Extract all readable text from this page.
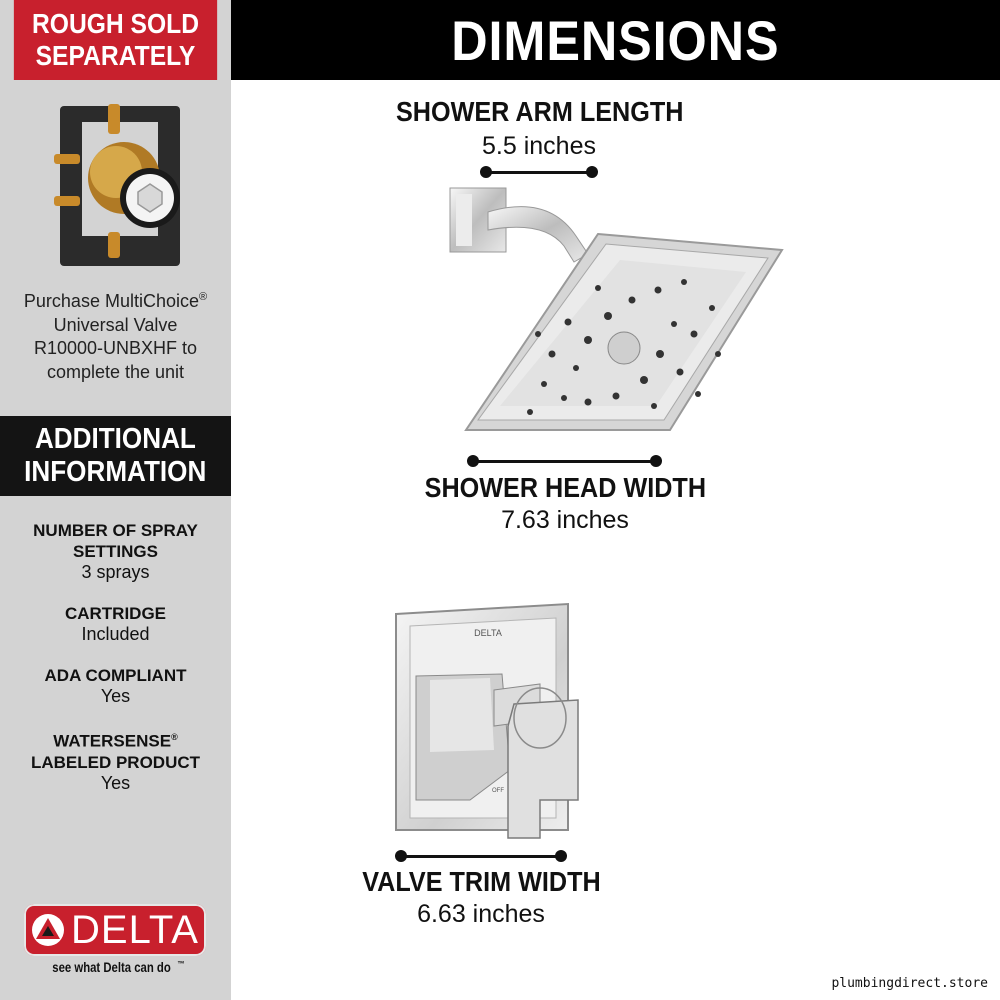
ROUGH SOLD
SEPARATELY	DIMENSIONS
Purchase MultiChoice®
Universal Valve
R10000-UNBXHF to
complete the unit
ADDITIONAL
INFORMATION
NUMBER OF SPRAY
SETTINGS
3 sprays
CARTRIDGE
Included
ADA COMPLIANT
Yes
WATERSENSE®
LABELED PRODUCT
Yes
DELTA
see what Delta can do ™
SHOWER ARM LENGTH
5.5 inches
SHOWER HEAD WIDTH
7.63 inches
DELTA
OFF
VALVE TRIM WIDTH
6.63 inches
plumbingdirect.store
